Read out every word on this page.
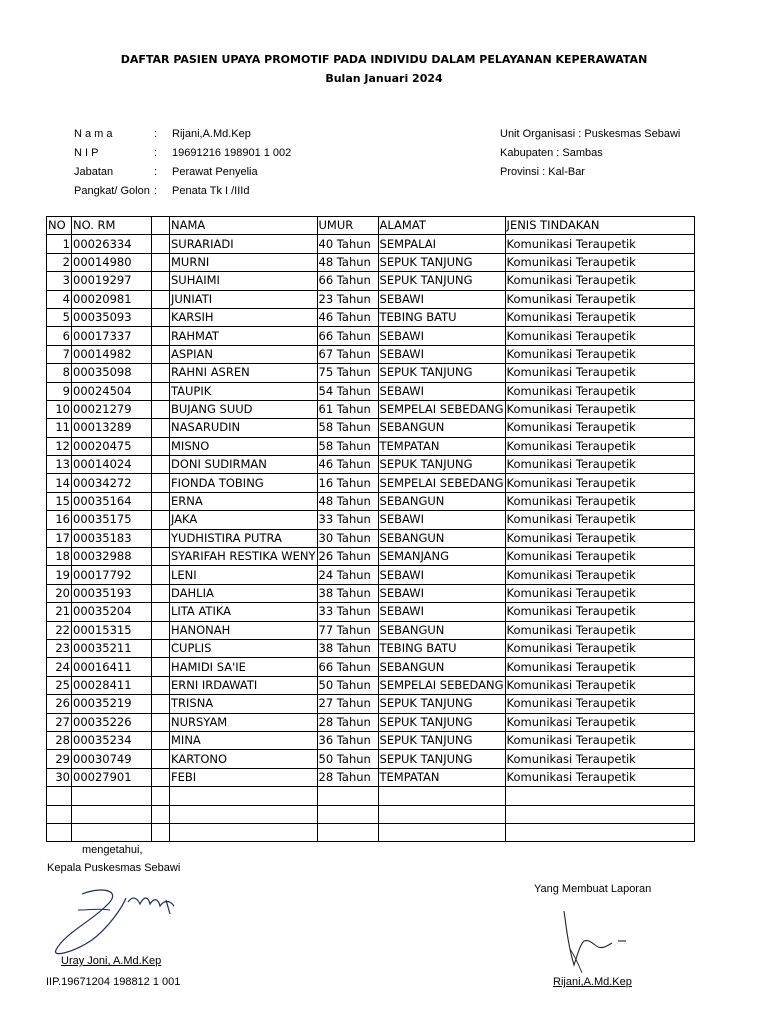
DAFTAR PASIEN UPAYA PROMOTIF PADA INDIVIDU DALAM PELAYANAN KEPERAWATAN
Bulan Januari 2024
N a m a	: Rijani,A.Md.Kep
N I P	: 19691216 198901 1 002
Jabatan	: Perawat Penyelia
Pangkat/ Golon : Penata Tk I /IIId
Unit Organisasi : Puskesmas Sebawi
Kabupaten : Sambas
Provinsi : Kal-Bar
NO	NO. RM		NAMA	UMUR	ALAMAT	JENIS TINDAKAN
1	00026334		SURARIADI	40 Tahun	SEMPALAI	Komunikasi Teraupetik
2	00014980		MURNI	48 Tahun	SEPUK TANJUNG	Komunikasi Teraupetik
3	00019297		SUHAIMI	66 Tahun	SEPUK TANJUNG	Komunikasi Teraupetik
4	00020981		JUNIATI	23 Tahun	SEBAWI	Komunikasi Teraupetik
5	00035093		KARSIH	46 Tahun	TEBING BATU	Komunikasi Teraupetik
6	00017337		RAHMAT	66 Tahun	SEBAWI	Komunikasi Teraupetik
7	00014982		ASPIAN	67 Tahun	SEBAWI	Komunikasi Teraupetik
8	00035098		RAHNI ASREN	75 Tahun	SEPUK TANJUNG	Komunikasi Teraupetik
9	00024504		TAUPIK	54 Tahun	SEBAWI	Komunikasi Teraupetik
10	00021279		BUJANG SUUD	61 Tahun	SEMPELAI SEBEDANG	Komunikasi Teraupetik
11	00013289		NASARUDIN	58 Tahun	SEBANGUN	Komunikasi Teraupetik
12	00020475		MISNO	58 Tahun	TEMPATAN	Komunikasi Teraupetik
13	00014024		DONI SUDIRMAN	46 Tahun	SEPUK TANJUNG	Komunikasi Teraupetik
14	00034272		FIONDA TOBING	16 Tahun	SEMPELAI SEBEDANG	Komunikasi Teraupetik
15	00035164		ERNA	48 Tahun	SEBANGUN	Komunikasi Teraupetik
16	00035175		JAKA	33 Tahun	SEBAWI	Komunikasi Teraupetik
17	00035183		YUDHISTIRA PUTRA	30 Tahun	SEBANGUN	Komunikasi Teraupetik
18	00032988		SYARIFAH RESTIKA WENY	26 Tahun	SEMANJANG	Komunikasi Teraupetik
19	00017792		LENI	24 Tahun	SEBAWI	Komunikasi Teraupetik
20	00035193		DAHLIA	38 Tahun	SEBAWI	Komunikasi Teraupetik
21	00035204		LITA ATIKA	33 Tahun	SEBAWI	Komunikasi Teraupetik
22	00015315		HANONAH	77 Tahun	SEBANGUN	Komunikasi Teraupetik
23	00035211		CUPLIS	38 Tahun	TEBING BATU	Komunikasi Teraupetik
24	00016411		HAMIDI SA'IE	66 Tahun	SEBANGUN	Komunikasi Teraupetik
25	00028411		ERNI IRDAWATI	50 Tahun	SEMPELAI SEBEDANG	Komunikasi Teraupetik
26	00035219		TRISNA	27 Tahun	SEPUK TANJUNG	Komunikasi Teraupetik
27	00035226		NURSYAM	28 Tahun	SEPUK TANJUNG	Komunikasi Teraupetik
28	00035234		MINA	36 Tahun	SEPUK TANJUNG	Komunikasi Teraupetik
29	00030749		KARTONO	50 Tahun	SEPUK TANJUNG	Komunikasi Teraupetik
30	00027901		FEBI	28 Tahun	TEMPATAN	Komunikasi Teraupetik

mengetahui,
Kepala Puskesmas Sebawi
Uray Joni, A.Md.Kep
IIP.19671204 198812 1 001
Yang Membuat Laporan
Rijani,A.Md.Kep
